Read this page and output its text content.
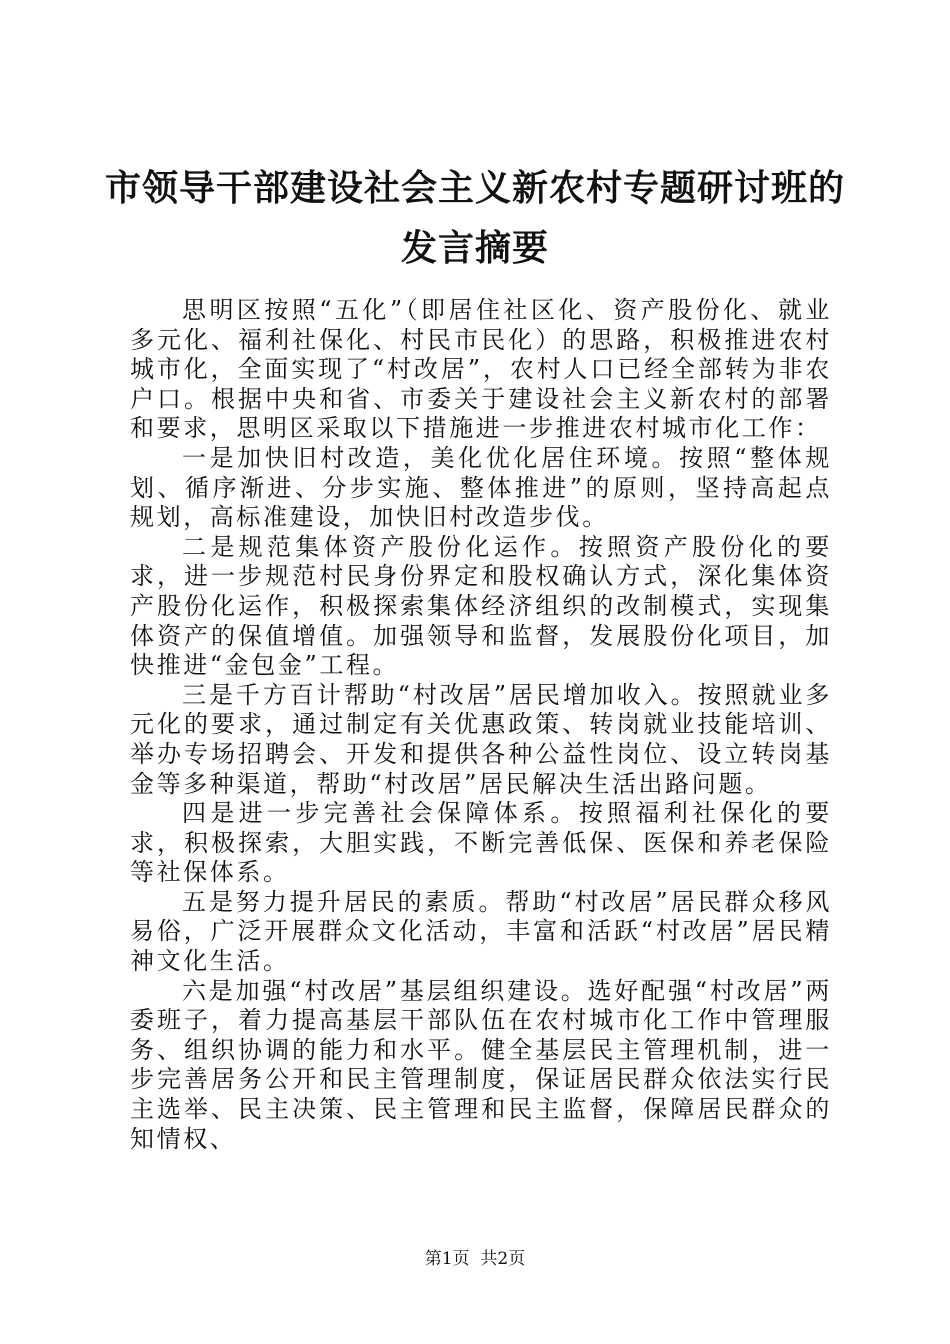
市领导干部建设社会主义新农村专题研讨班的
发言摘要

思明区按照“五化”（即居住社区化、资产股份化、就业多元化、福利社保化、村民市民化）的思路，积极推进农村城市化，全面实现了“村改居”，农村人口已经全部转为非农户口。根据中央和省、市委关于建设社会主义新农村的部署和要求，思明区采取以下措施进一步推进农村城市化工作：

一是加快旧村改造，美化优化居住环境。按照“整体规划、循序渐进、分步实施、整体推进”的原则，坚持高起点规划，高标准建设，加快旧村改造步伐。

二是规范集体资产股份化运作。按照资产股份化的要求，进一步规范村民身份界定和股权确认方式，深化集体资产股份化运作，积极探索集体经济组织的改制模式，实现集体资产的保值增值。加强领导和监督，发展股份化项目，加快推进“金包金”工程。

三是千方百计帮助“村改居”居民增加收入。按照就业多元化的要求，通过制定有关优惠政策、转岗就业技能培训、举办专场招聘会、开发和提供各种公益性岗位、设立转岗基金等多种渠道，帮助“村改居”居民解决生活出路问题。

四是进一步完善社会保障体系。按照福利社保化的要求，积极探索，大胆实践，不断完善低保、医保和养老保险等社保体系。

五是努力提升居民的素质。帮助“村改居”居民群众移风易俗，广泛开展群众文化活动，丰富和活跃“村改居”居民精神文化生活。

六是加强“村改居”基层组织建设。选好配强“村改居”两委班子，着力提高基层干部队伍在农村城市化工作中管理服务、组织协调的能力和水平。健全基层民主管理机制，进一步完善居务公开和民主管理制度，保证居民群众依法实行民主选举、民主决策、民主管理和民主监督，保障居民群众的知情权、

第1页  共2页
